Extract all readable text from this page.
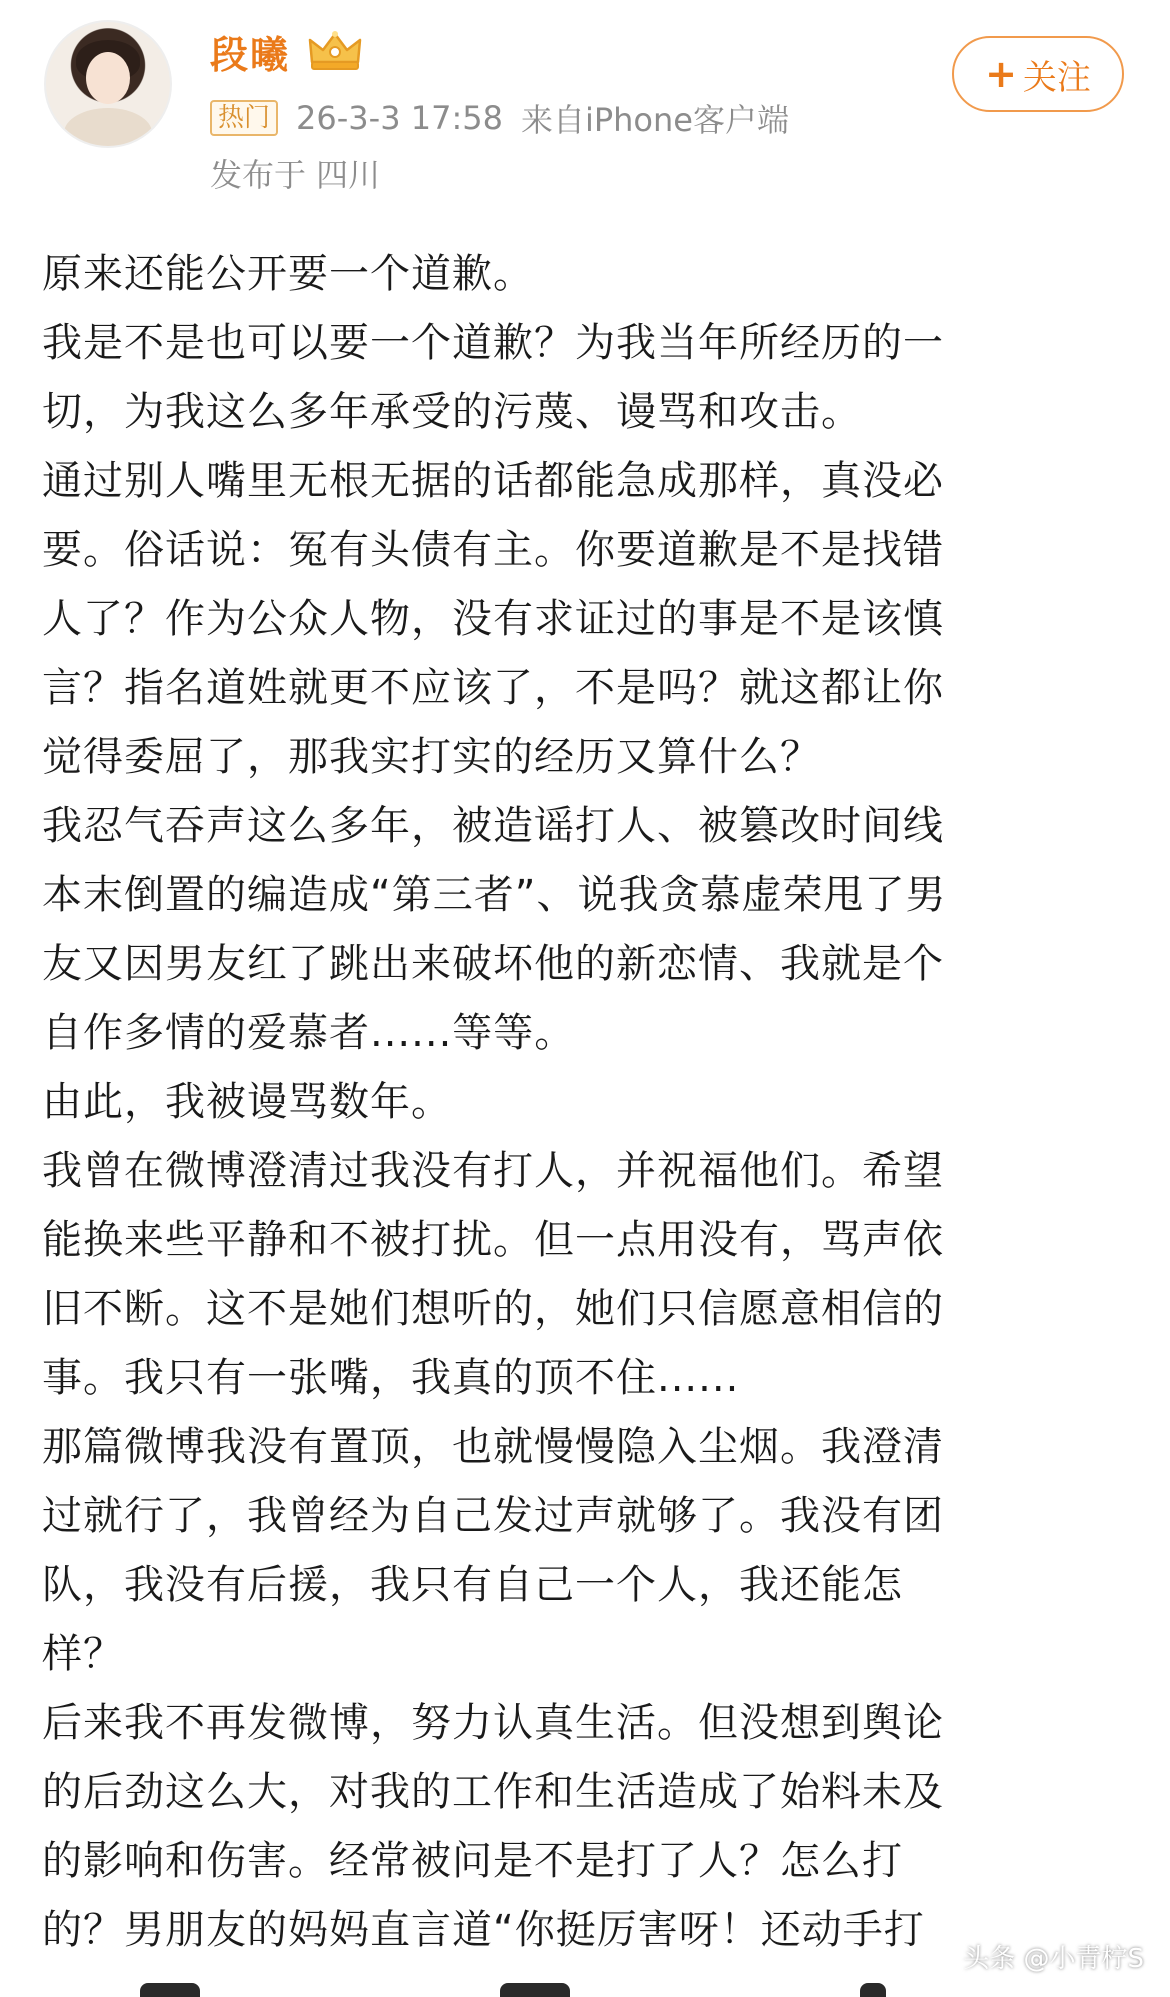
段曦
热门 26-3-3 17:58 来自iPhone客户端
发布于 四川
+ 关注
原来还能公开要一个道歉。
我是不是也可以要一个道歉？为我当年所经历的一
切，为我这么多年承受的污蔑、谩骂和攻击。
通过别人嘴里无根无据的话都能急成那样，真没必
要。俗话说：冤有头债有主。你要道歉是不是找错
人了？作为公众人物，没有求证过的事是不是该慎
言？指名道姓就更不应该了，不是吗？就这都让你
觉得委屈了，那我实打实的经历又算什么？
我忍气吞声这么多年，被造谣打人、被篡改时间线
本末倒置的编造成“第三者”、说我贪慕虚荣甩了男
友又因男友红了跳出来破坏他的新恋情、我就是个
自作多情的爱慕者......等等。
由此，我被谩骂数年。
我曾在微博澄清过我没有打人，并祝福他们。希望
能换来些平静和不被打扰。但一点用没有，骂声依
旧不断。这不是她们想听的，她们只信愿意相信的
事。我只有一张嘴，我真的顶不住......
那篇微博我没有置顶，也就慢慢隐入尘烟。我澄清
过就行了，我曾经为自己发过声就够了。我没有团
队，我没有后援，我只有自己一个人，我还能怎
样？
后来我不再发微博，努力认真生活。但没想到舆论
的后劲这么大，对我的工作和生活造成了始料未及
的影响和伤害。经常被问是不是打了人？怎么打
的？男朋友的妈妈直言道“你挺厉害呀！还动手打
头条 @小青柠S
